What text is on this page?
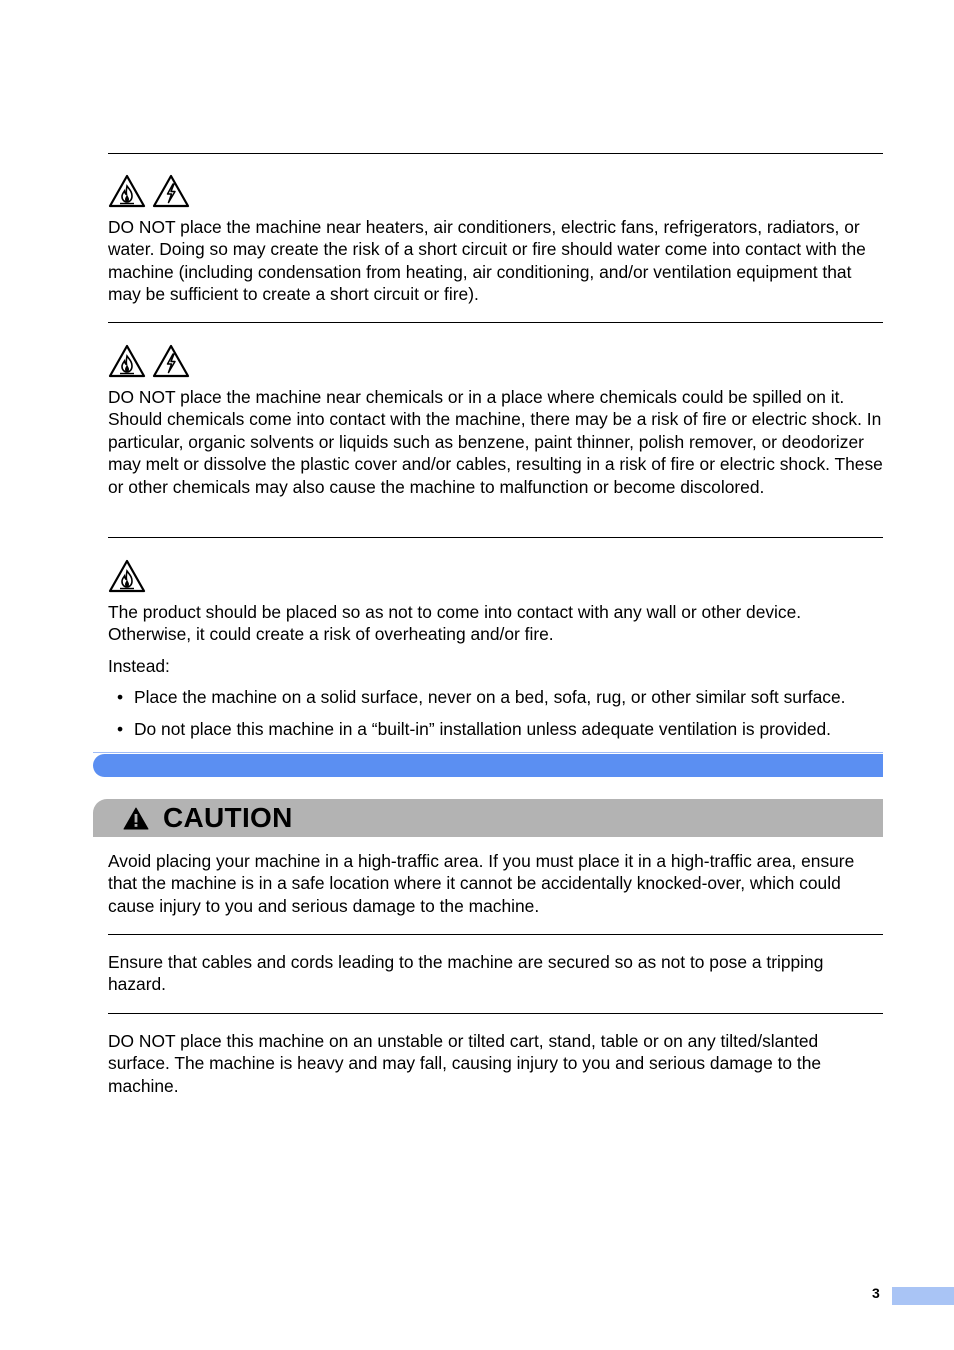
DO NOT place the machine near heaters, air conditioners, electric fans, refrigerators, radiators, or water. Doing so may create the risk of a short circuit or fire should water come into contact with the machine (including condensation from heating, air conditioning, and/or ventilation equipment that may be sufficient to create a short circuit or fire).

DO NOT place the machine near chemicals or in a place where chemicals could be spilled on it. Should chemicals come into contact with the machine, there may be a risk of fire or electric shock. In particular, organic solvents or liquids such as benzene, paint thinner, polish remover, or deodorizer may melt or dissolve the plastic cover and/or cables, resulting in a risk of fire or electric shock. These or other chemicals may also cause the machine to malfunction or become discolored.

The product should be placed so as not to come into contact with any wall or other device. Otherwise, it could create a risk of overheating and/or fire.

Instead:

• Place the machine on a solid surface, never on a bed, sofa, rug, or other similar soft surface.
• Do not place this machine in a “built-in” installation unless adequate ventilation is provided.
CAUTION

Avoid placing your machine in a high-traffic area. If you must place it in a high-traffic area, ensure that the machine is in a safe location where it cannot be accidentally knocked-over, which could cause injury to you and serious damage to the machine.

Ensure that cables and cords leading to the machine are secured so as not to pose a tripping hazard.

DO NOT place this machine on an unstable or tilted cart, stand, table or on any tilted/slanted surface. The machine is heavy and may fall, causing injury to you and serious damage to the machine.

3
